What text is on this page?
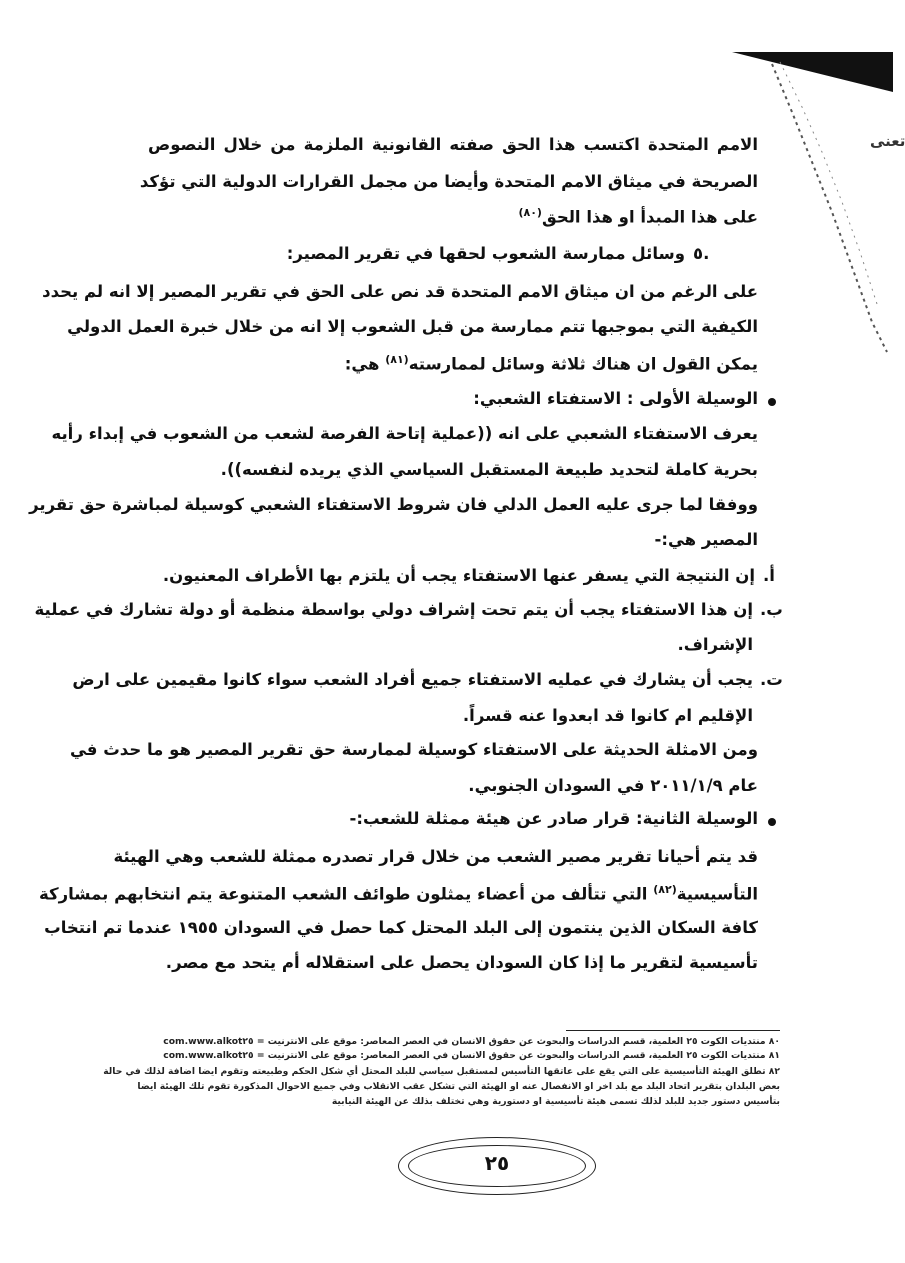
تعنى
الامم المتحدة اكتسب هذا الحق صفته القانونية الملزمة من خلال النصوص
الصريحة في ميثاق الامم المتحدة وأيضا من مجمل القرارات الدولية التي تؤكد
على هذا المبدأ او هذا الحق$^{(٨٠)}$
٥.
وسائل ممارسة الشعوب لحقها في تقرير المصير:
على الرغم من ان ميثاق الامم المتحدة قد نص على الحق في تقرير المصير إلا انه لم يحدد
الكيفية التي بموجبها تتم ممارسة من قبل الشعوب إلا انه من خلال خبرة العمل الدولي
يمكن القول ان هناك ثلاثة وسائل لممارسته$^{(٨١)}$ هي:
الوسيلة الأولى : الاستفتاء الشعبي:
يعرف الاستفتاء الشعبي على انه ((عملية إتاحة الفرصة لشعب من الشعوب في إبداء رأيه
بحرية كاملة لتحديد طبيعة المستقبل السياسي الذي يريده لنفسه)).
ووفقا لما جرى عليه العمل الدلي فان شروط الاستفتاء الشعبي كوسيلة لمباشرة حق تقرير
المصير هي:-
أ.
إن النتيجة التي يسفر عنها الاستفتاء يجب أن يلتزم بها الأطراف المعنيون.
ب.
إن هذا الاستفتاء يجب أن يتم تحت إشراف دولي بواسطة منظمة أو دولة تشارك في عملية
الإشراف.
ت.
يجب أن يشارك في عمليه الاستفتاء جميع أفراد الشعب سواء كانوا مقيمين على ارض
الإقليم ام كانوا قد ابعدوا عنه قسراً.
ومن الامثلة الحديثة على الاستفتاء كوسيلة لممارسة حق تقرير المصير هو ما حدث في
عام ٢٠١١/١/٩ في السودان الجنوبي.
الوسيلة الثانية: قرار صادر عن هيئة ممثلة للشعب:-
قد يتم أحيانا تقرير مصير الشعب من خلال قرار تصدره ممثلة للشعب وهي الهيئة
التأسيسية$^{(٨٢)}$ التي تتألف من أعضاء يمثلون طوائف الشعب المتنوعة يتم انتخابهم بمشاركة
كافة السكان الذين ينتمون إلى البلد المحتل كما حصل في السودان ١٩٥٥ عندما تم انتخاب
تأسيسية لتقرير ما إذا كان السودان يحصل على استقلاله أم يتحد مع مصر.
٨٠ منتديات الكوت ٢٥ العلمية، قسم الدراسات والبحوث عن حقوق الانسان في العصر المعاصر: موقع على الانترنيت = www.alkot٢٥.com
٨١ منتديات الكوت ٢٥ العلمية، قسم الدراسات والبحوث عن حقوق الانسان في العصر المعاصر: موقع على الانترنيت = www.alkot٢٥.com
٨٢ تطلق الهيئة التأسيسية على التي يقع على عاتقها التأسيس لمستقبل سياسي للبلد المحتل أي شكل الحكم وطبيعته وتقوم ايضا اضافة لذلك في حالة
بعض البلدان بتقرير اتحاد البلد مع بلد اخر او الانفصال عنه او الهيئة التي تشكل عقب الانقلاب وفي جميع الاحوال المذكورة تقوم تلك الهيئة ايضا
بتأسيس دستور جديد للبلد لذلك تسمى هيئة تأسيسية او دستورية وهي تختلف بذلك عن الهيئة النيابية
٢٥
